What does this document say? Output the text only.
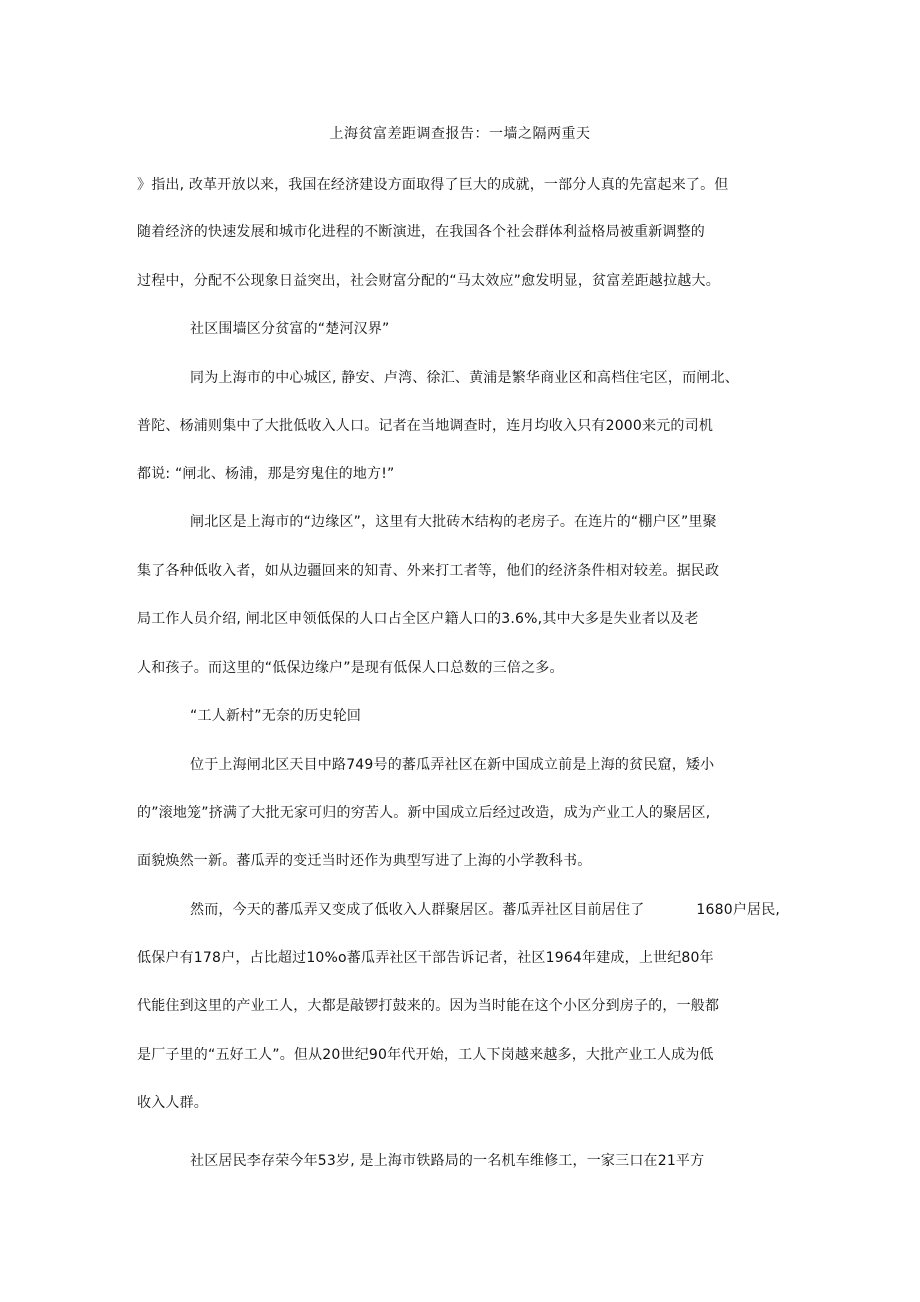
上海贫富差距调查报告：一墙之隔两重天
》指出, 改革开放以来，我国在经济建设方面取得了巨大的成就，一部分人真的先富起来了。但
随着经济的快速发展和城市化进程的不断演进，在我国各个社会群体利益格局被重新调整的
过程中，分配不公现象日益突出，社会财富分配的“马太效应”愈发明显，贫富差距越拉越大。
社区围墙区分贫富的“楚河汉界”
同为上海市的中心城区, 静安、卢湾、徐汇、黄浦是繁华商业区和高档住宅区，而闸北、
普陀、杨浦则集中了大批低收入人口。记者在当地调查时，连月均收入只有2000来元的司机
都说: “闸北、杨浦，那是穷鬼住的地方!”
闸北区是上海市的“边缘区”，这里有大批砖木结构的老房子。在连片的“棚户区”里聚
集了各种低收入者，如从边疆回来的知青、外来打工者等，他们的经济条件相对较差。据民政
局工作人员介绍, 闸北区申领低保的人口占全区户籍人口的3.6%,其中大多是失业者以及老
人和孩子。而这里的“低保边缘户”是现有低保人口总数的三倍之多。
“工人新村”无奈的历史轮回
位于上海闸北区天目中路749号的蕃瓜弄社区在新中国成立前是上海的贫民窟，矮小
的”滚地笼”挤满了大批无家可归的穷苦人。新中国成立后经过改造，成为产业工人的聚居区,
面貌焕然一新。蕃瓜弄的变迁当时还作为典型写进了上海的小学教科书。
然而，今天的蕃瓜弄又变成了低收入人群聚居区。蕃瓜弄社区目前居住了	1680户居民,
低保户有178户，占比超过10%o蕃瓜弄社区干部告诉记者，社区1964年建成，上世纪80年
代能住到这里的产业工人，大都是敲锣打鼓来的。因为当时能在这个小区分到房子的，一般都
是厂子里的“五好工人”。但从20世纪90年代开始，工人下岗越来越多，大批产业工人成为低
收入人群。
社区居民李存荣今年53岁, 是上海市铁路局的一名机车维修工，一家三口在21平方
